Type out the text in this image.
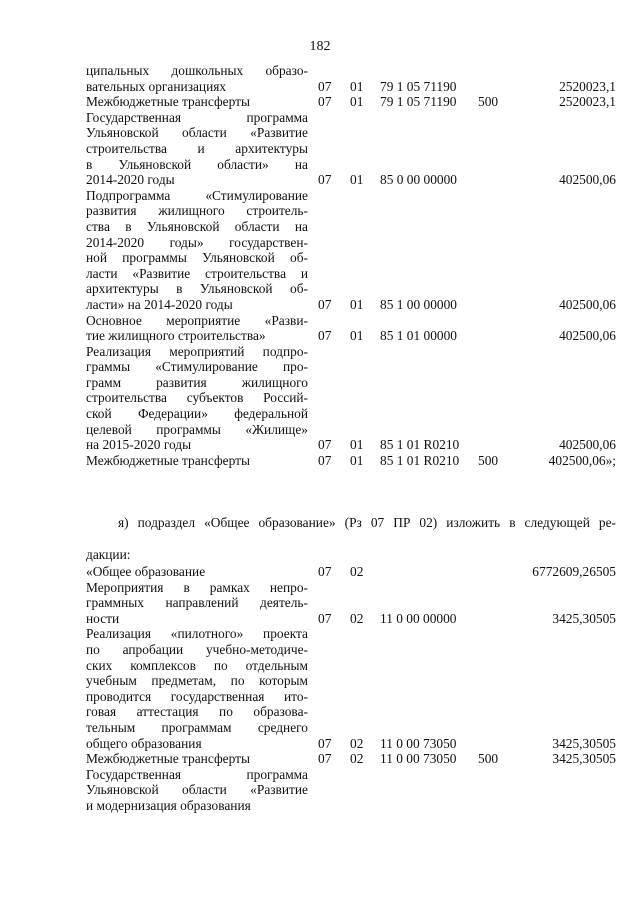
182
ципальных дошкольных образо-
вательных организациях	07 01 79 1 05 71190	2520023,1
Межбюджетные трансферты	07 01 79 1 05 71190 500	2520023,1
Государственная программа
Ульяновской области «Развитие
строительства и архитектуры
в Ульяновской области» на
2014-2020 годы	07 01 85 0 00 00000	402500,06
Подпрограмма «Стимулирование
развития жилищного строитель-
ства в Ульяновской области на
2014-2020 годы» государствен-
ной программы Ульяновской об-
ласти «Развитие строительства и
архитектуры в Ульяновской об-
ласти» на 2014-2020 годы	07 01 85 1 00 00000	402500,06
Основное мероприятие «Разви-
тие жилищного строительства»	07 01 85 1 01 00000	402500,06
Реализация мероприятий подпро-
граммы «Стимулирование про-
грамм развития жилищного
строительства субъектов Россий-
ской Федерации» федеральной
целевой программы «Жилище»
на 2015-2020 годы	07 01 85 1 01 R0210	402500,06
Межбюджетные трансферты	07 01 85 1 01 R0210 500	402500,06»;
я) подраздел «Общее образование» (Рз 07 ПР 02) изложить в следующей ре-
дакции:
«Общее образование	07 02	6772609,26505
Мероприятия в рамках непро-
граммных направлений деятель-
ности	07 02 11 0 00 00000	3425,30505
Реализация «пилотного» проекта
по апробации учебно-методиче-
ских комплексов по отдельным
учебным предметам, по которым
проводится государственная ито-
говая аттестация по образова-
тельным программам среднего
общего образования	07 02 11 0 00 73050	3425,30505
Межбюджетные трансферты	07 02 11 0 00 73050 500	3425,30505
Государственная программа
Ульяновской области «Развитие
и модернизация образования
